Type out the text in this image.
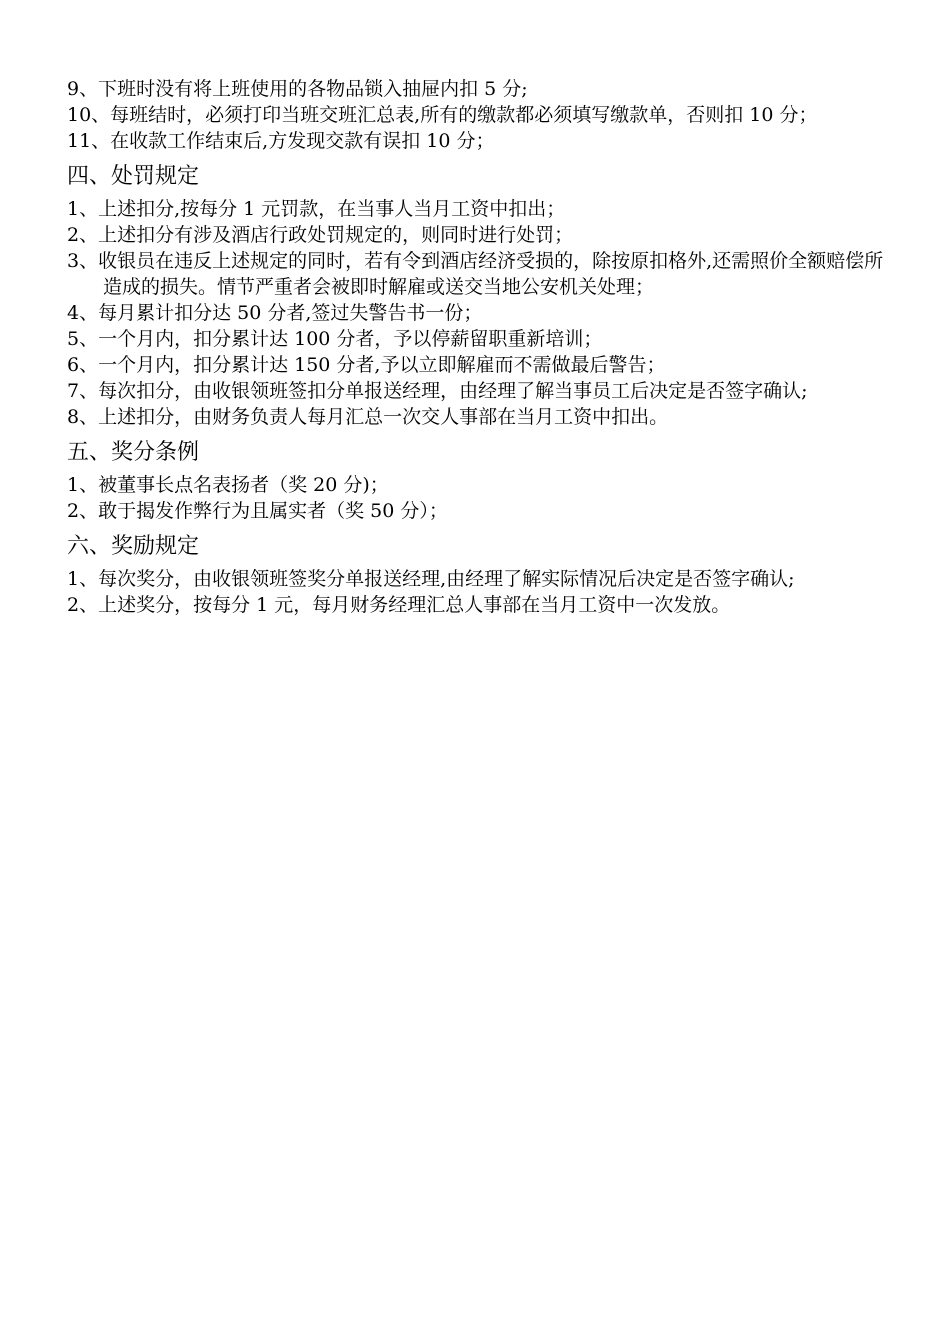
9、下班时没有将上班使用的各物品锁入抽屉内扣 5 分;

10、每班结时，必须打印当班交班汇总表,所有的缴款都必须填写缴款单，否则扣 10 分；

11、在收款工作结束后,方发现交款有误扣 10 分；

四、处罚规定

1、上述扣分,按每分 1 元罚款，在当事人当月工资中扣出；

2、上述扣分有涉及酒店行政处罚规定的，则同时进行处罚；

3、收银员在违反上述规定的同时，若有令到酒店经济受损的，除按原扣格外,还需照价全额赔偿所造成的损失。情节严重者会被即时解雇或送交当地公安机关处理；

4、每月累计扣分达 50 分者,签过失警告书一份；

5、一个月内，扣分累计达 100 分者，予以停薪留职重新培训；

6、一个月内，扣分累计达 150 分者,予以立即解雇而不需做最后警告；

7、每次扣分，由收银领班签扣分单报送经理，由经理了解当事员工后决定是否签字确认;

8、上述扣分，由财务负责人每月汇总一次交人事部在当月工资中扣出。

五、奖分条例

1、被董事长点名表扬者（奖 20 分)；

2、敢于揭发作弊行为且属实者（奖 50 分）；

六、奖励规定

1、每次奖分，由收银领班签奖分单报送经理,由经理了解实际情况后决定是否签字确认;

2、上述奖分，按每分 1 元，每月财务经理汇总人事部在当月工资中一次发放。
